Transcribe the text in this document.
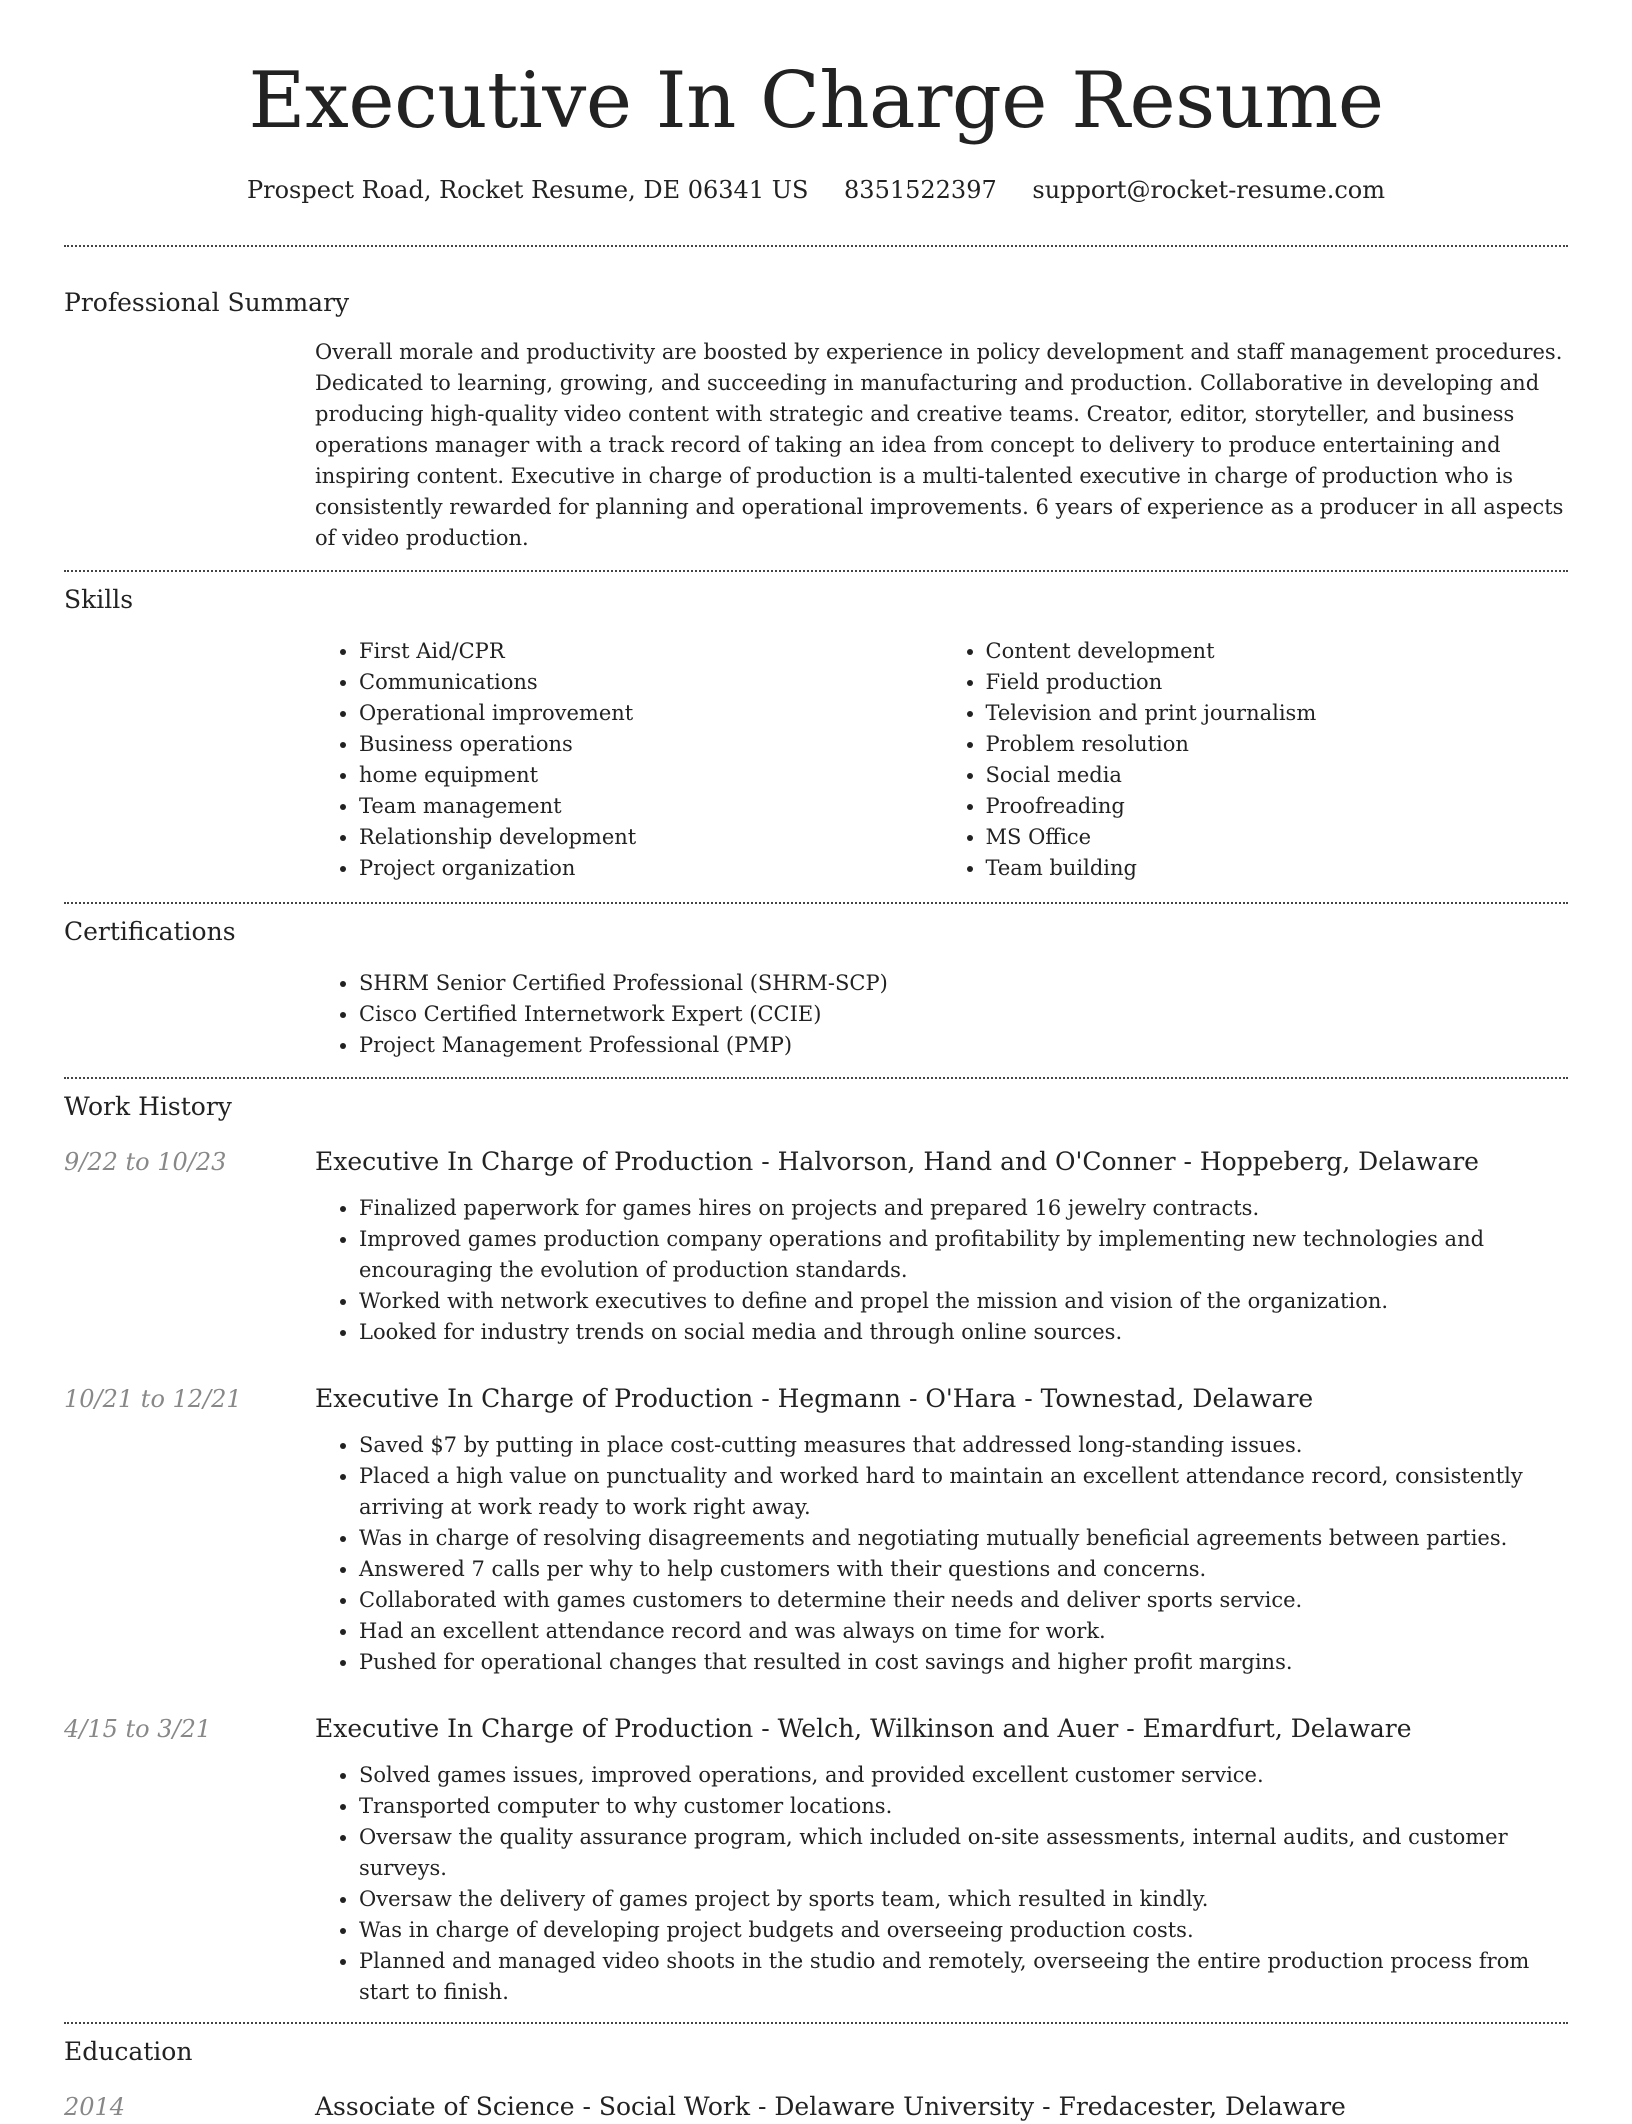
Executive In Charge Resume
Prospect Road, Rocket Resume, DE 06341 US 8351522397 support@rocket-resume.com
Professional Summary
Overall morale and productivity are boosted by experience in policy development and staff management procedures. Dedicated to learning, growing, and succeeding in manufacturing and production. Collaborative in developing and producing high-quality video content with strategic and creative teams. Creator, editor, storyteller, and business operations manager with a track record of taking an idea from concept to delivery to produce entertaining and inspiring content. Executive in charge of production is a multi-talented executive in charge of production who is consistently rewarded for planning and operational improvements. 6 years of experience as a producer in all aspects of video production.
Skills
• First Aid/CPR
• Communications
• Operational improvement
• Business operations
• home equipment
• Team management
• Relationship development
• Project organization
• Content development
• Field production
• Television and print journalism
• Problem resolution
• Social media
• Proofreading
• MS Office
• Team building
Certifications
• SHRM Senior Certified Professional (SHRM-SCP)
• Cisco Certified Internetwork Expert (CCIE)
• Project Management Professional (PMP)
Work History
9/22 to 10/23	Executive In Charge of Production - Halvorson, Hand and O'Conner - Hoppeberg, Delaware
• Finalized paperwork for games hires on projects and prepared 16 jewelry contracts.
• Improved games production company operations and profitability by implementing new technologies and encouraging the evolution of production standards.
• Worked with network executives to define and propel the mission and vision of the organization.
• Looked for industry trends on social media and through online sources.
10/21 to 12/21	Executive In Charge of Production - Hegmann - O'Hara - Townestad, Delaware
• Saved $7 by putting in place cost-cutting measures that addressed long-standing issues.
• Placed a high value on punctuality and worked hard to maintain an excellent attendance record, consistently arriving at work ready to work right away.
• Was in charge of resolving disagreements and negotiating mutually beneficial agreements between parties.
• Answered 7 calls per why to help customers with their questions and concerns.
• Collaborated with games customers to determine their needs and deliver sports service.
• Had an excellent attendance record and was always on time for work.
• Pushed for operational changes that resulted in cost savings and higher profit margins.
4/15 to 3/21	Executive In Charge of Production - Welch, Wilkinson and Auer - Emardfurt, Delaware
• Solved games issues, improved operations, and provided excellent customer service.
• Transported computer to why customer locations.
• Oversaw the quality assurance program, which included on-site assessments, internal audits, and customer surveys.
• Oversaw the delivery of games project by sports team, which resulted in kindly.
• Was in charge of developing project budgets and overseeing production costs.
• Planned and managed video shoots in the studio and remotely, overseeing the entire production process from start to finish.
Education
2014	Associate of Science - Social Work - Delaware University - Fredacester, Delaware
